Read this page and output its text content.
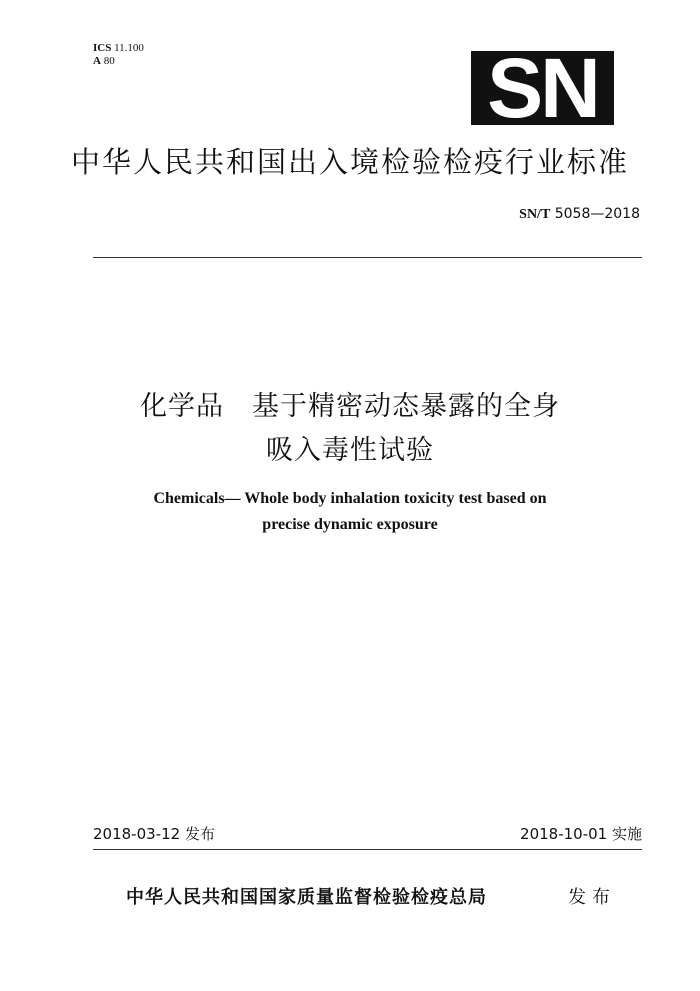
ICS 11.100
A 80	SN
中华人民共和国出入境检验检疫行业标准
SN/T 5058—2018
化学品　基于精密动态暴露的全身
吸入毒性试验
Chemicals— Whole body inhalation toxicity test based on
precise dynamic exposure
2018-03-12 发布	2018-10-01 实施
中华人民共和国国家质量监督检验检疫总局	发布
